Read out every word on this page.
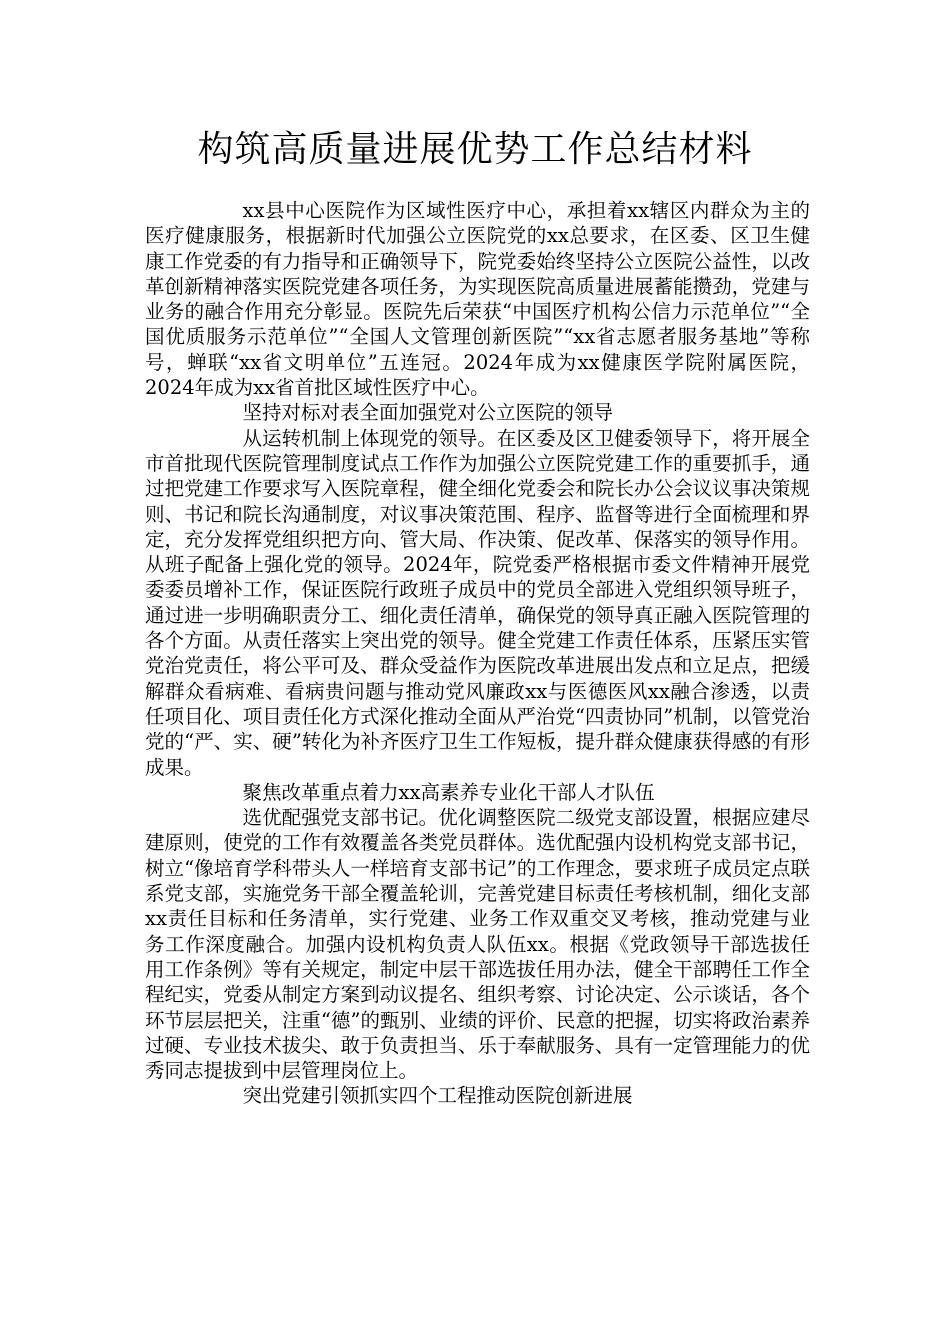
构筑高质量进展优势工作总结材料

xx县中心医院作为区域性医疗中心，承担着xx辖区内群众为主的医疗健康服务，根据新时代加强公立医院党的xx总要求，在区委、区卫生健康工作党委的有力指导和正确领导下，院党委始终坚持公立医院公益性，以改革创新精神落实医院党建各项任务，为实现医院高质量进展蓄能攒劲，党建与业务的融合作用充分彰显。医院先后荣获“中国医疗机构公信力示范单位”“全国优质服务示范单位”“全国人文管理创新医院”“xx省志愿者服务基地”等称号，蝉联“xx省文明单位”五连冠。2024年成为xx健康医学院附属医院，2024年成为xx省首批区域性医疗中心。

坚持对标对表全面加强党对公立医院的领导

从运转机制上体现党的领导。在区委及区卫健委领导下，将开展全市首批现代医院管理制度试点工作作为加强公立医院党建工作的重要抓手，通过把党建工作要求写入医院章程，健全细化党委会和院长办公会议议事决策规则、书记和院长沟通制度，对议事决策范围、程序、监督等进行全面梳理和界定，充分发挥党组织把方向、管大局、作决策、促改革、保落实的领导作用。从班子配备上强化党的领导。2024年，院党委严格根据市委文件精神开展党委委员增补工作，保证医院行政班子成员中的党员全部进入党组织领导班子，通过进一步明确职责分工、细化责任清单，确保党的领导真正融入医院管理的各个方面。从责任落实上突出党的领导。健全党建工作责任体系，压紧压实管党治党责任，将公平可及、群众受益作为医院改革进展出发点和立足点，把缓解群众看病难、看病贵问题与推动党风廉政xx与医德医风xx融合渗透，以责任项目化、项目责任化方式深化推动全面从严治党“四责协同”机制，以管党治党的“严、实、硬”转化为补齐医疗卫生工作短板，提升群众健康获得感的有形成果。

聚焦改革重点着力xx高素养专业化干部人才队伍

选优配强党支部书记。优化调整医院二级党支部设置，根据应建尽建原则，使党的工作有效覆盖各类党员群体。选优配强内设机构党支部书记，树立“像培育学科带头人一样培育支部书记”的工作理念，要求班子成员定点联系党支部，实施党务干部全覆盖轮训，完善党建目标责任考核机制，细化支部xx责任目标和任务清单，实行党建、业务工作双重交叉考核，推动党建与业务工作深度融合。加强内设机构负责人队伍xx。根据《党政领导干部选拔任用工作条例》等有关规定，制定中层干部选拔任用办法，健全干部聘任工作全程纪实，党委从制定方案到动议提名、组织考察、讨论决定、公示谈话，各个环节层层把关，注重“德”的甄别、业绩的评价、民意的把握，切实将政治素养过硬、专业技术拔尖、敢于负责担当、乐于奉献服务、具有一定管理能力的优秀同志提拔到中层管理岗位上。

突出党建引领抓实四个工程推动医院创新进展
